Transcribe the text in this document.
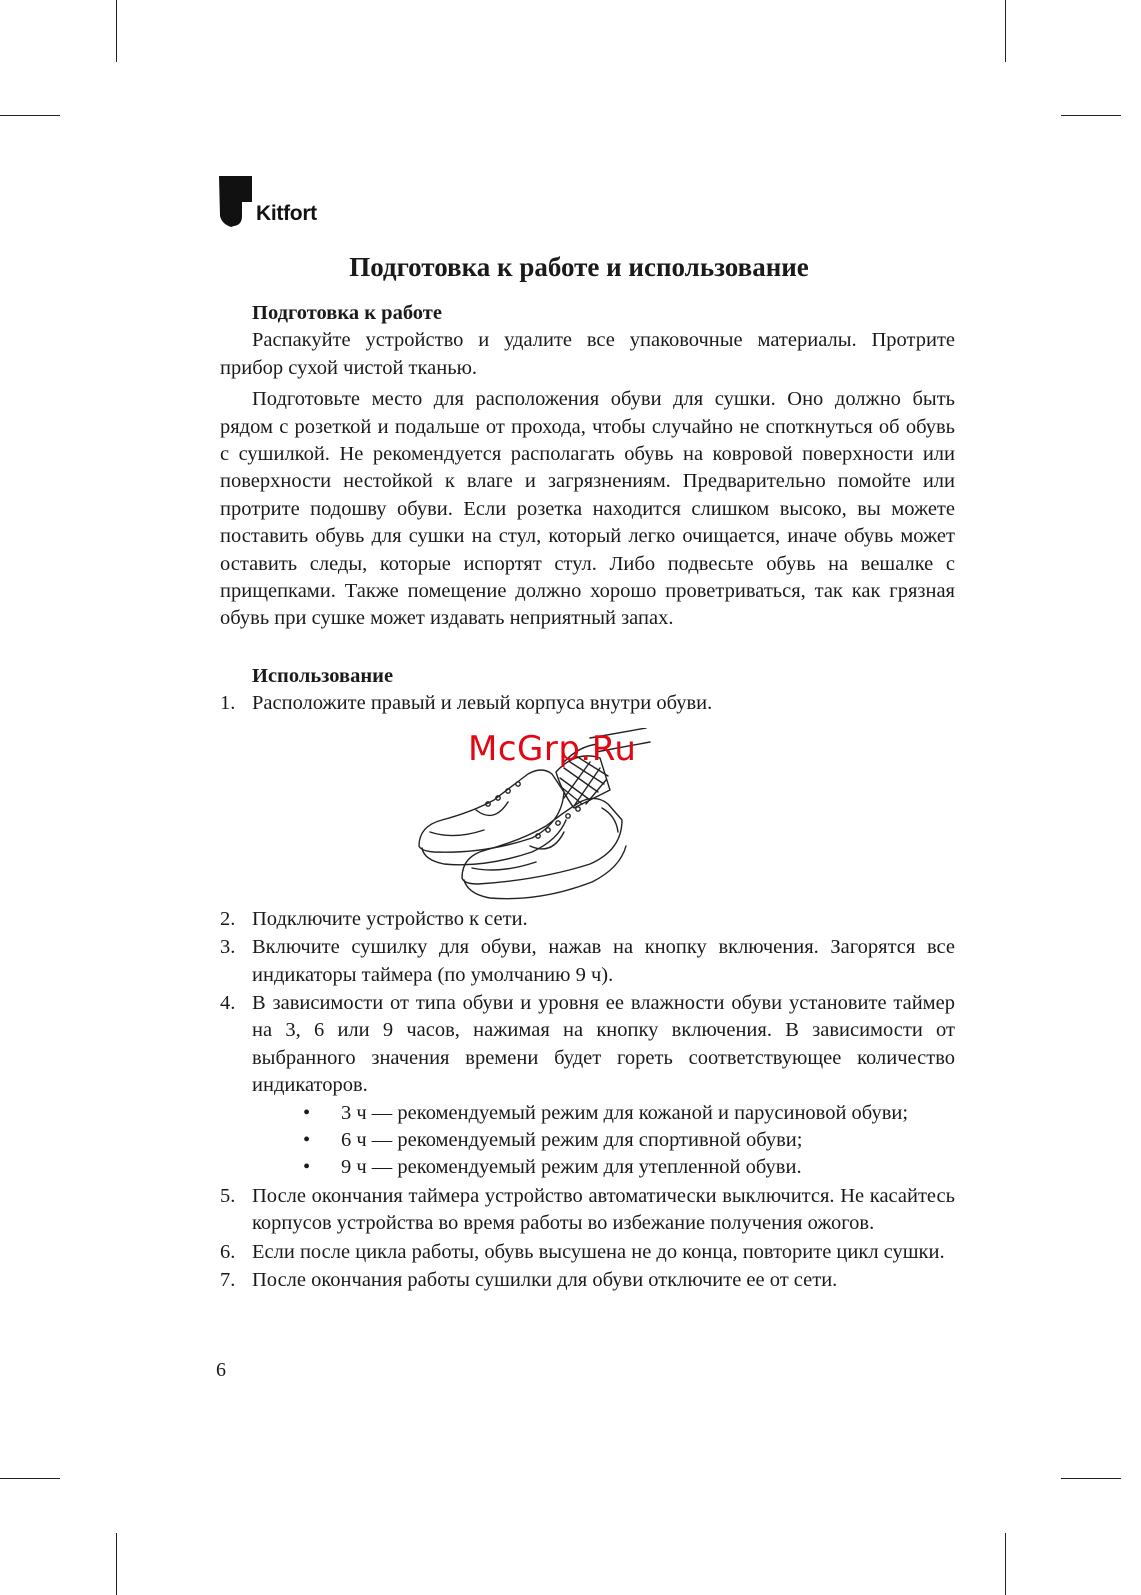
Kitfort
Подготовка к работе и использование

Подготовка к работе

Распакуйте устройство и удалите все упаковочные материалы. Протрите прибор сухой чистой тканью.

Подготовьте место для расположения обуви для сушки. Оно должно быть рядом с розеткой и подальше от прохода, чтобы случайно не споткнуться об обувь с сушилкой. Не рекомендуется располагать обувь на ковровой поверхности или поверхности нестойкой к влаге и загрязнениям. Предварительно помойте или протрите подошву обуви. Если розетка находится слишком высоко, вы можете поставить обувь для сушки на стул, который легко очищается, иначе обувь может оставить следы, которые испортят стул. Либо подвесьте обувь на вешалке с прищепками. Также помещение должно хорошо проветриваться, так как грязная обувь при сушке может издавать неприятный запах.

Использование

1. Расположите правый и левый корпуса внутри обуви.
McGrp.Ru
2. Подключите устройство к сети.
3. Включите сушилку для обуви, нажав на кнопку включения. Загорятся все индикаторы таймера (по умолчанию 9 ч).
4. В зависимости от типа обуви и уровня ее влажности обуви установите таймер на 3, 6 или 9 часов, нажимая на кнопку включения. В зависимости от выбранного значения времени будет гореть соответствующее количество индикаторов.
• 3 ч — рекомендуемый режим для кожаной и парусиновой обуви;
• 6 ч — рекомендуемый режим для спортивной обуви;
• 9 ч — рекомендуемый режим для утепленной обуви.
5. После окончания таймера устройство автоматически выключится. Не касайтесь корпусов устройства во время работы во избежание получения ожогов.
6. Если после цикла работы, обувь высушена не до конца, повторите цикл сушки.
7. После окончания работы сушилки для обуви отключите ее от сети.
6
